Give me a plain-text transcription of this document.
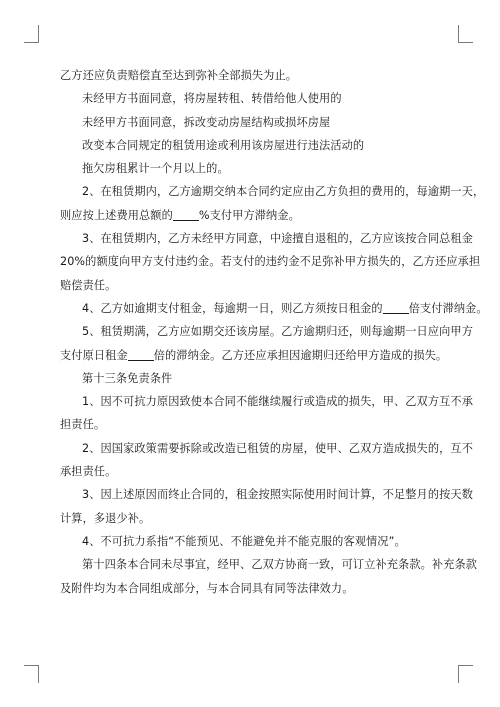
乙方还应负责赔偿直至达到弥补全部损失为止。

未经甲方书面同意，将房屋转租、转借给他人使用的

未经甲方书面同意，拆改变动房屋结构或损坏房屋

改变本合同规定的租赁用途或利用该房屋进行违法活动的

拖欠房租累计一个月以上的。

2、在租赁期内，乙方逾期交纳本合同约定应由乙方负担的费用的，每逾期一天，

则应按上述费用总额的 %支付甲方滞纳金。

3、在租赁期内，乙方未经甲方同意，中途擅自退租的，乙方应该按合同总租金

20%的额度向甲方支付违约金。若支付的违约金不足弥补甲方损失的，乙方还应承担

赔偿责任。

4、乙方如逾期支付租金，每逾期一日，则乙方须按日租金的 倍支付滞纳金。

5、租赁期满，乙方应如期交还该房屋。乙方逾期归还，则每逾期一日应向甲方

支付原日租金 倍的滞纳金。乙方还应承担因逾期归还给甲方造成的损失。

第十三条免责条件

1、因不可抗力原因致使本合同不能继续履行或造成的损失，甲、乙双方互不承

担责任。

2、因国家政策需要拆除或改造已租赁的房屋，使甲、乙双方造成损失的，互不

承担责任。

3、因上述原因而终止合同的，租金按照实际使用时间计算，不足整月的按天数

计算，多退少补。

4、不可抗力系指“不能预见、不能避免并不能克服的客观情况”。

第十四条本合同未尽事宜，经甲、乙双方协商一致，可订立补充条款。补充条款

及附件均为本合同组成部分，与本合同具有同等法律效力。
